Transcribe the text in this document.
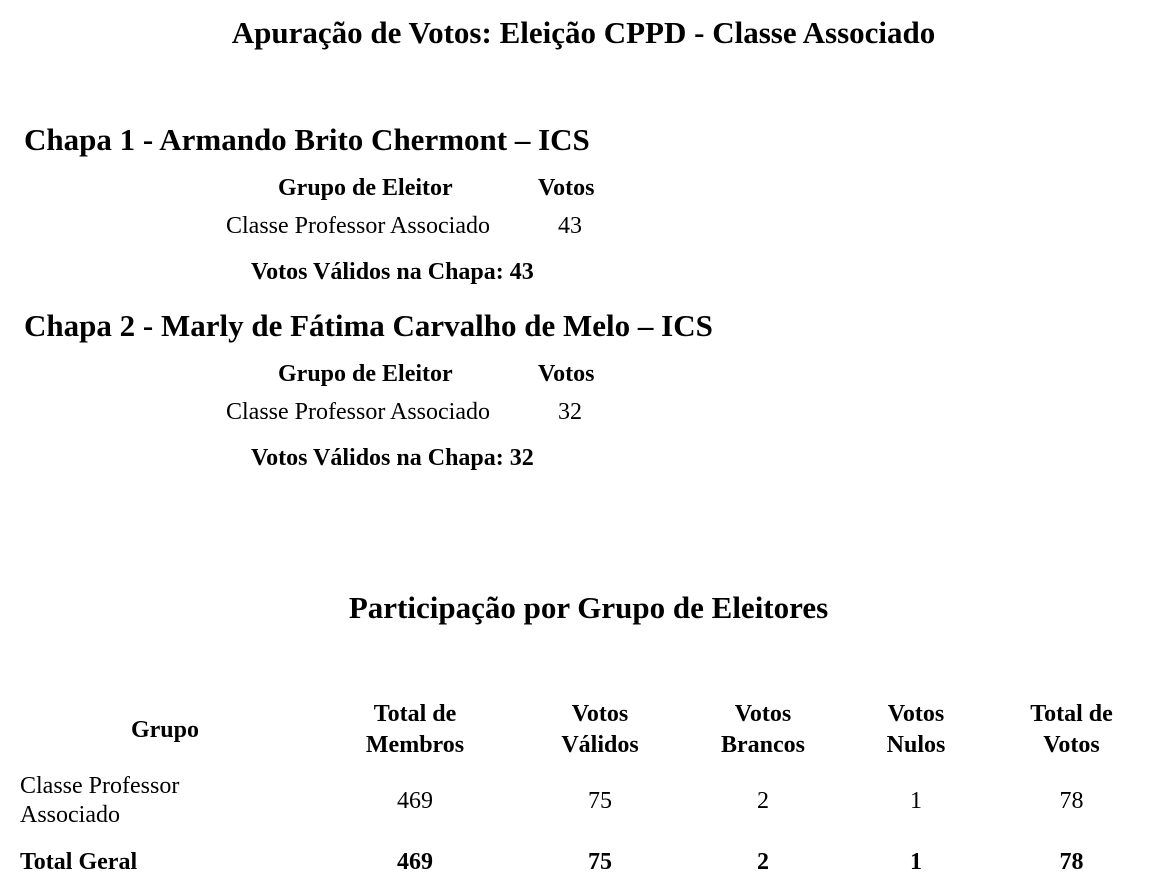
Apuração de Votos: Eleição CPPD - Classe Associado
Chapa 1 - Armando Brito Chermont – ICS
Grupo de Eleitor	Votos
Classe Professor Associado	43
Votos Válidos na Chapa: 43
Chapa 2 - Marly de Fátima Carvalho de Melo – ICS
Grupo de Eleitor	Votos
Classe Professor Associado	32
Votos Válidos na Chapa: 32
Participação por Grupo de Eleitores
Grupo	Total de Membros	Votos Válidos	Votos Brancos	Votos Nulos	Total de Votos

Classe Professor Associado	469	75	2	1	78
Total Geral	469	75	2	1	78
